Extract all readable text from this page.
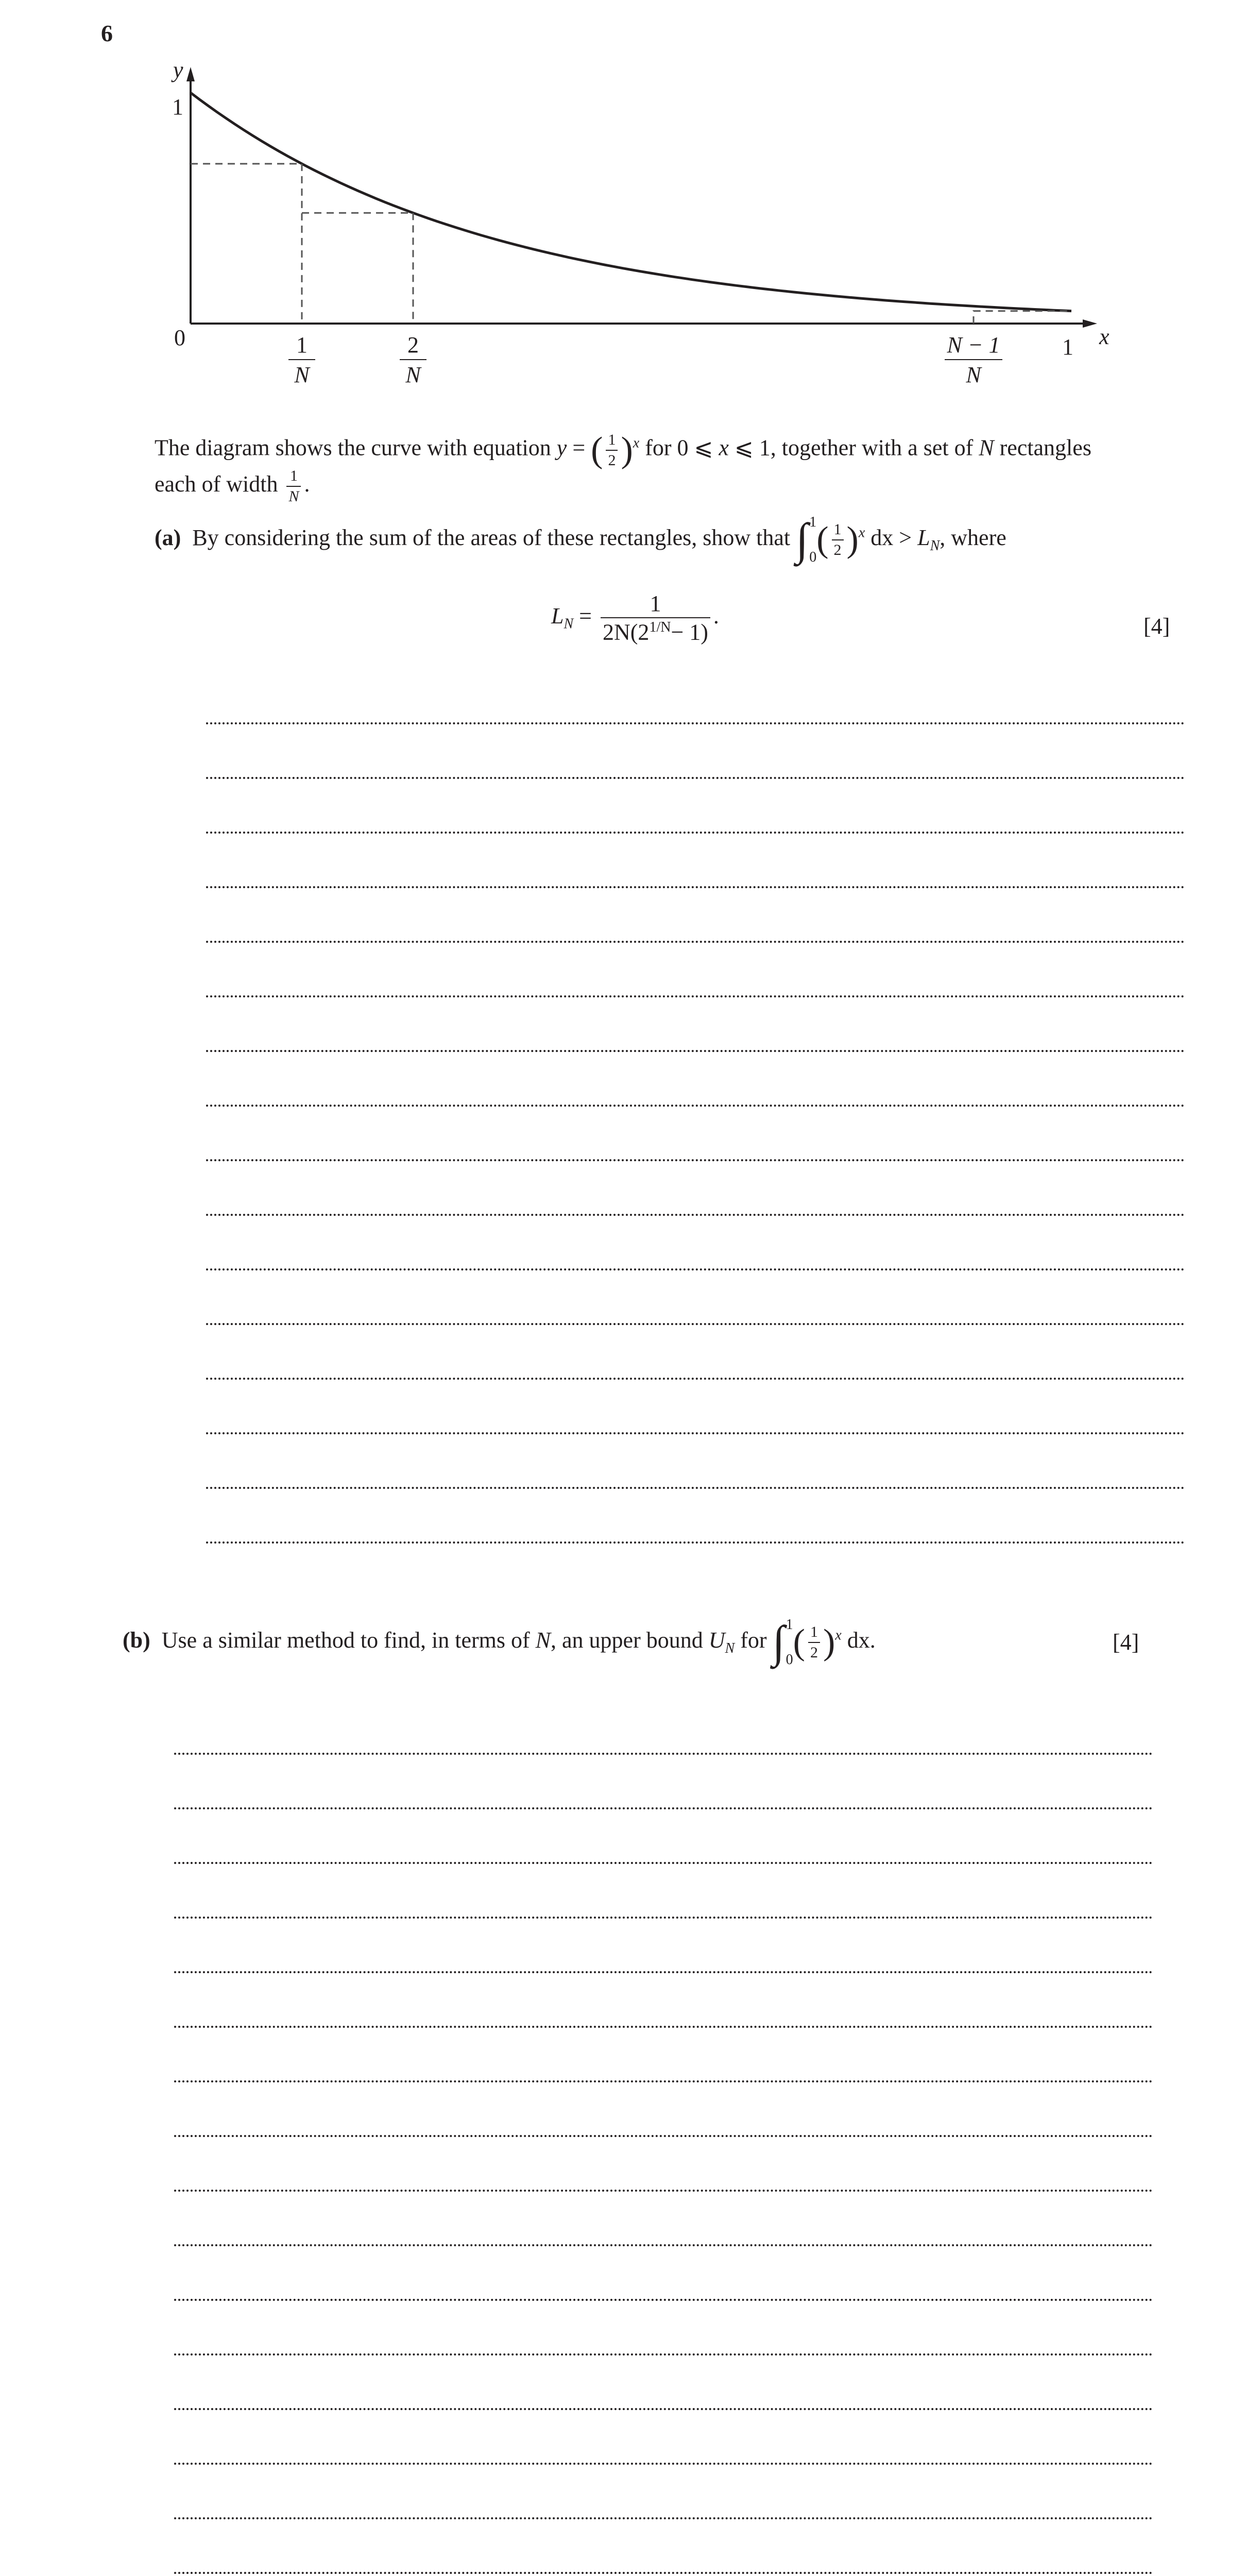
6
y
1
0	1 x
1
N
2
N
N − 1
N
The diagram shows the curve with equation y = ( $\frac{1}{2} )^x$ for 0 ⩽ x ⩽ 1, together with a set of N rectangles
each of width $\frac{1}{N}$ .
(a) By considering the sum of the areas of these rectangles, show that ∫ 1
0 ( $\frac{1}{2} )^x$ dx > $L_N$, where
$L_N = \frac{1}{2N(2^{1/N}- 1)}$ .	[4]
(b) Use a similar method to find, in terms of N, an upper bound $U_N$ for ∫ 1
0 ( $\frac{1}{2} )^x$ dx.	[4]
